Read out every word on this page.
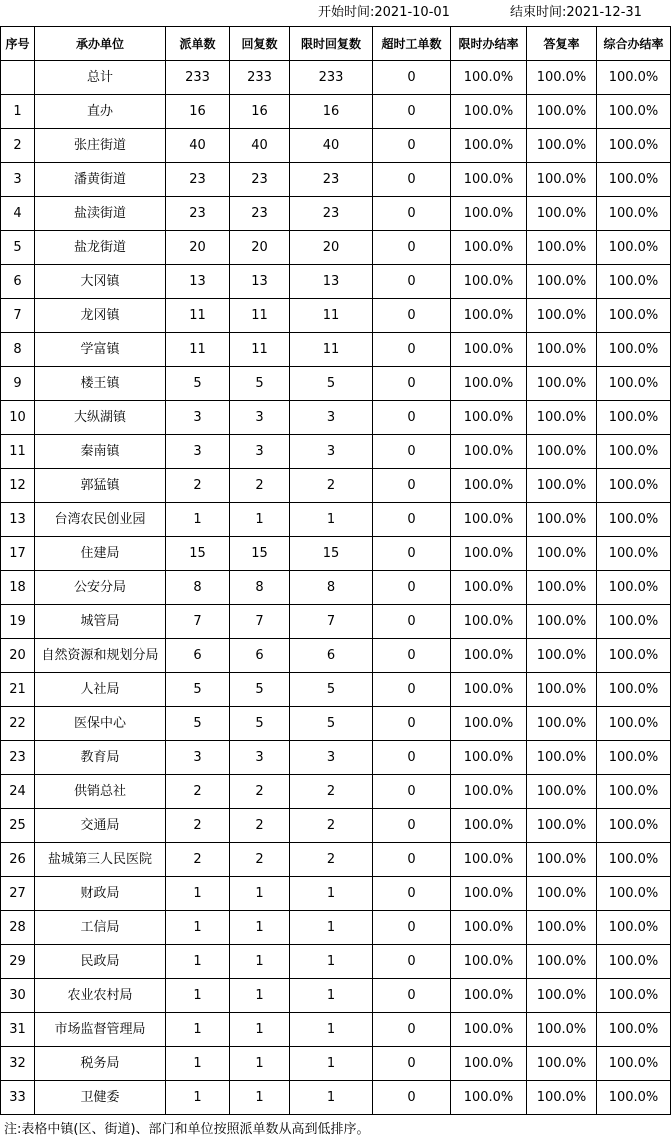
开始时间:2021-10-01	结束时间:2021-12-31
序号	承办单位	派单数	回复数	限时回复数	超时工单数	限时办结率	答复率	综合办结率
	总计	233	233	233	0	100.0%	100.0%	100.0%
1	直办	16	16	16	0	100.0%	100.0%	100.0%
2	张庄街道	40	40	40	0	100.0%	100.0%	100.0%
3	潘黄街道	23	23	23	0	100.0%	100.0%	100.0%
4	盐渎街道	23	23	23	0	100.0%	100.0%	100.0%
5	盐龙街道	20	20	20	0	100.0%	100.0%	100.0%
6	大冈镇	13	13	13	0	100.0%	100.0%	100.0%
7	龙冈镇	11	11	11	0	100.0%	100.0%	100.0%
8	学富镇	11	11	11	0	100.0%	100.0%	100.0%
9	楼王镇	5	5	5	0	100.0%	100.0%	100.0%
10	大纵湖镇	3	3	3	0	100.0%	100.0%	100.0%
11	秦南镇	3	3	3	0	100.0%	100.0%	100.0%
12	郭猛镇	2	2	2	0	100.0%	100.0%	100.0%
13	台湾农民创业园	1	1	1	0	100.0%	100.0%	100.0%
17	住建局	15	15	15	0	100.0%	100.0%	100.0%
18	公安分局	8	8	8	0	100.0%	100.0%	100.0%
19	城管局	7	7	7	0	100.0%	100.0%	100.0%
20	自然资源和规划分局	6	6	6	0	100.0%	100.0%	100.0%
21	人社局	5	5	5	0	100.0%	100.0%	100.0%
22	医保中心	5	5	5	0	100.0%	100.0%	100.0%
23	教育局	3	3	3	0	100.0%	100.0%	100.0%
24	供销总社	2	2	2	0	100.0%	100.0%	100.0%
25	交通局	2	2	2	0	100.0%	100.0%	100.0%
26	盐城第三人民医院	2	2	2	0	100.0%	100.0%	100.0%
27	财政局	1	1	1	0	100.0%	100.0%	100.0%
28	工信局	1	1	1	0	100.0%	100.0%	100.0%
29	民政局	1	1	1	0	100.0%	100.0%	100.0%
30	农业农村局	1	1	1	0	100.0%	100.0%	100.0%
31	市场监督管理局	1	1	1	0	100.0%	100.0%	100.0%
32	税务局	1	1	1	0	100.0%	100.0%	100.0%
33	卫健委	1	1	1	0	100.0%	100.0%	100.0%
注:表格中镇(区、街道)、部门和单位按照派单数从高到低排序。
